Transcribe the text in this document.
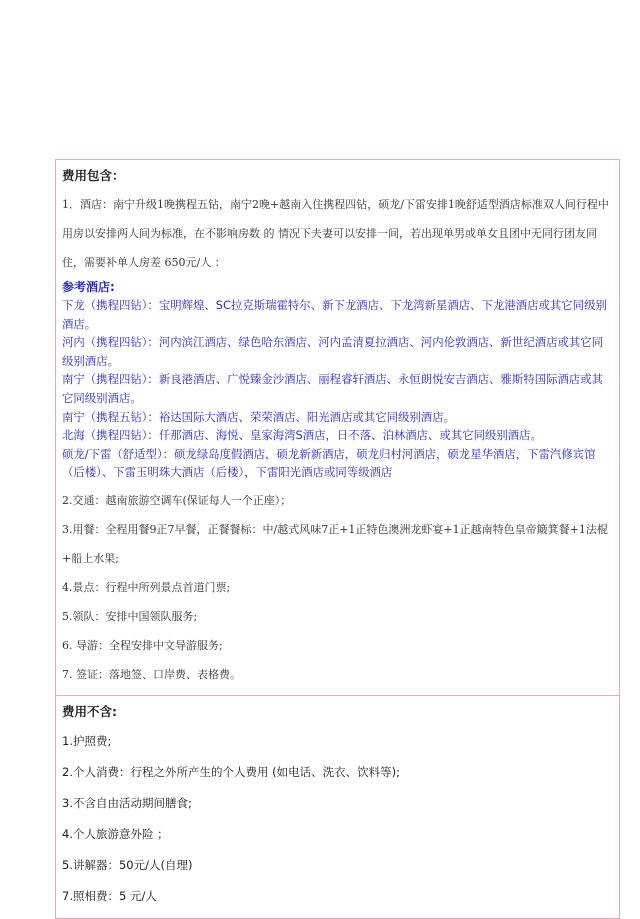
费用包含：
1．酒店：南宁升级1晚携程五钻，南宁2晚+越南入住携程四钻，硕龙/下雷安排1晚舒适型酒店标准双人间行程中用房以安排两人间为标准，在不影响房数 的 情况下夫妻可以安排一间，若出现单男或单女且团中无同行团友同住，需要补单人房差 650元/人 ：
参考酒店:
下龙（携程四钻）：宝明辉煌、SC拉克斯瑞霍特尔、新下龙酒店、下龙湾新星酒店、下龙港酒店或其它同级别酒店。
河内（携程四钻）：河内滨江酒店、绿色哈东酒店、河内孟清夏拉酒店、河内伦敦酒店、新世纪酒店或其它同级别酒店。
南宁（携程四钻）：新良港酒店、广悦臻金沙酒店、丽程睿轩酒店、永恒朗悦安吉酒店、雅斯特国际酒店或其它同级别酒店。
南宁（携程五钻）：裕达国际大酒店、荣荣酒店、阳光酒店或其它同级别酒店。
北海（携程四钻）：仟那酒店、海悦、皇家海湾S酒店，日不落、泊林酒店、或其它同级别酒店。
硕龙/下雷（舒适型）：硕龙绿岛度假酒店，硕龙新新酒店，硕龙归村河酒店，硕龙星华酒店，下雷汽修宾馆（后楼）、下雷玉明珠大酒店（后楼），下雷阳光酒店或同等级酒店
2.交通：越南旅游空调车(保证每人一个正座）；
3.用餐：全程用餐9正7早餐，正餐餐标：中/越式风味7正+1正特色澳洲龙虾宴+1正越南特色皇帝簸箕餐+1法棍+船上水果;
4.景点：行程中所列景点首道门票;
5.领队：安排中国领队服务;
6. 导游：全程安排中文导游服务;
7. 签证：落地签、口岸费、表格费。

费用不含:
1.护照费;
2.个人消费：行程之外所产生的个人费用 (如电话、洗衣、饮料等);
3.不含自由活动期间膳食;
4.个人旅游意外险 ；
5.讲解器：50元/人(自理)
7.照相费：5 元/人
